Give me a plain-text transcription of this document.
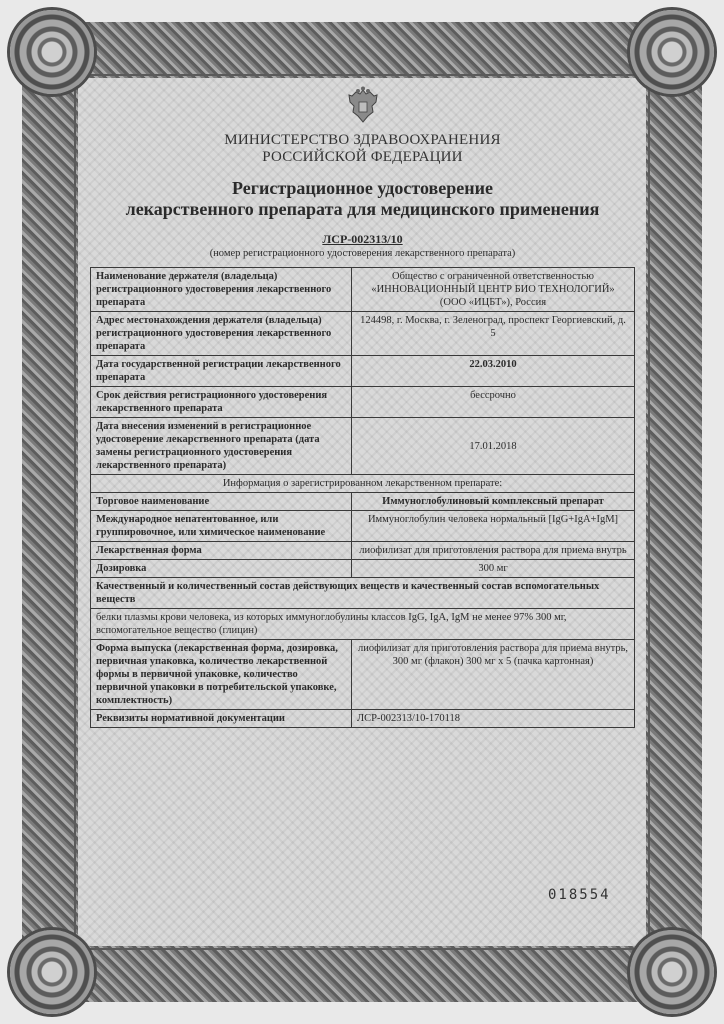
МИНИСТЕРСТВО ЗДРАВООХРАНЕНИЯ
РОССИЙСКОЙ ФЕДЕРАЦИИ
Регистрационное удостоверение
лекарственного препарата для медицинского применения
ЛСР-002313/10
(номер регистрационного удостоверения лекарственного препарата)
Наименование держателя (владельца) регистрационного удостоверения лекарственного препарата	Общество с ограниченной ответственностью «ИННОВАЦИОННЫЙ ЦЕНТР БИО ТЕХНОЛОГИЙ» (ООО «ИЦБТ»), Россия
Адрес местонахождения держателя (владельца) регистрационного удостоверения лекарственного препарата	124498, г. Москва, г. Зеленоград, проспект Георгиевский, д. 5
Дата государственной регистрации лекарственного препарата	22.03.2010
Срок действия регистрационного удостоверения лекарственного препарата	бессрочно
Дата внесения изменений в регистрационное удостоверение лекарственного препарата (дата замены регистрационного удостоверения лекарственного препарата)	17.01.2018
Информация о зарегистрированном лекарственном препарате:	
Торговое наименование	Иммуноглобулиновый комплексный препарат
Международное непатентованное, или группировочное, или химическое наименование	Иммуноглобулин человека нормальный [IgG+IgA+IgM]
Лекарственная форма	лиофилизат для приготовления раствора для приема внутрь
Дозировка	300 мг
Качественный и количественный состав действующих веществ и качественный состав вспомогательных веществ	
белки плазмы крови человека, из которых иммуноглобулины классов IgG, IgA, IgM не менее 97% 300 мг, вспомогательное вещество (глицин)	
Форма выпуска (лекарственная форма, дозировка, первичная упаковка, количество лекарственной формы в первичной упаковке, количество первичной упаковки в потребительской упаковке, комплектность)	лиофилизат для приготовления раствора для приема внутрь, 300 мг (флакон) 300 мг х 5 (пачка картонная)
Реквизиты нормативной документации	ЛСР-002313/10-170118
018554
